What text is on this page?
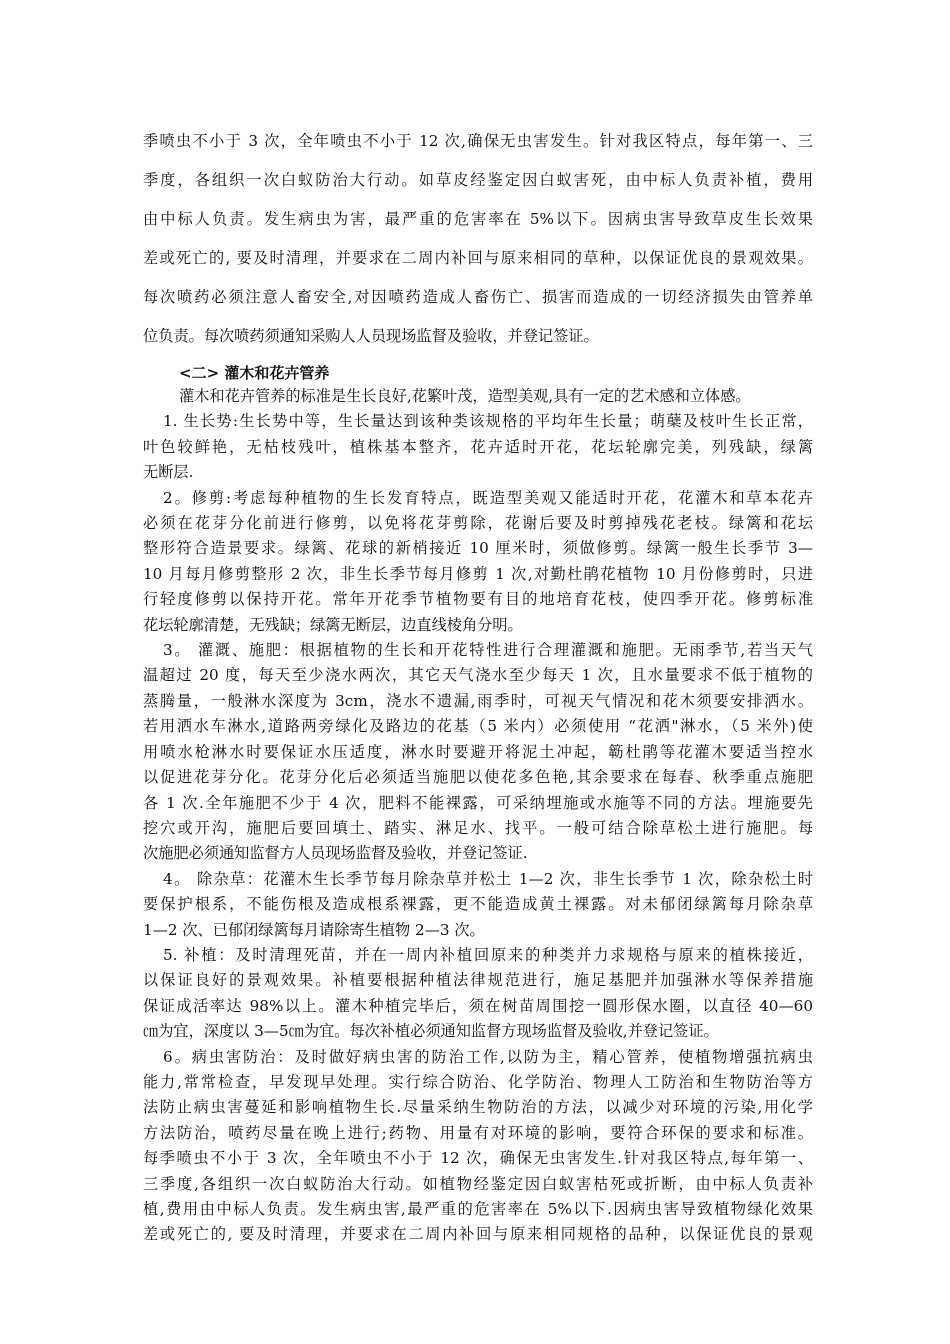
季喷虫不小于 3 次，全年喷虫不小于 12 次,确保无虫害发生。针对我区特点，每年第一、三

季度，各组织一次白蚁防治大行动。如草皮经鉴定因白蚁害死，由中标人负责补植，费用

由中标人负责。发生病虫为害，最严重的危害率在 5%以下。因病虫害导致草皮生长效果

差或死亡的, 要及时清理，并要求在二周内补回与原来相同的草种，以保证优良的景观效果。

每次喷药必须注意人畜安全,对因喷药造成人畜伤亡、损害而造成的一切经济损失由管养单

位负责。每次喷药须通知采购人人员现场监督及验收，并登记签证。

<二> 灌木和花卉管养

灌木和花卉管养的标准是生长良好,花繁叶茂，造型美观,具有一定的艺术感和立体感。

1. 生长势:生长势中等，生长量达到该种类该规格的平均年生长量；萌蘖及枝叶生长正常，

叶色较鲜艳，无枯枝残叶，植株基本整齐，花卉适时开花，花坛轮廓完美，列残缺，绿篱

无断层.

2。修剪:考虑每种植物的生长发育特点，既造型美观又能适时开花，花灌木和草本花卉

必须在花芽分化前进行修剪，以免将花芽剪除，花谢后要及时剪掉残花老枝。绿篱和花坛

整形符合造景要求。绿篱、花球的新梢接近 10 厘米时，须做修剪。绿篱一般生长季节 3—

10 月每月修剪整形 2 次，非生长季节每月修剪 1 次,对勤杜鹃花植物 10 月份修剪时，只进

行轻度修剪以保持开花。常年开花季节植物要有目的地培育花枝，使四季开花。修剪标准

花坛轮廓清楚，无残缺；绿篱无断层，边直线棱角分明。

3。 灌溉、施肥：根据植物的生长和开花特性进行合理灌溉和施肥。无雨季节,若当天气

温超过 20 度，每天至少浇水两次，其它天气浇水至少每天 1 次，且水量要求不低于植物的

蒸腾量，一般淋水深度为 3cm，浇水不遗漏,雨季时，可视天气情况和花木须要安排洒水。

若用洒水车淋水,道路两旁绿化及路边的花基（5 米内）必须使用 “花洒"淋水，（5 米外)使

用喷水枪淋水时要保证水压适度，淋水时要避开将泥土冲起，簕杜鹃等花灌木要适当控水

以促进花芽分化。花芽分化后必须适当施肥以使花多色艳,其余要求在每春、秋季重点施肥

各 1 次.全年施肥不少于 4 次，肥料不能裸露，可采纳埋施或水施等不同的方法。埋施要先

挖穴或开沟，施肥后要回填土、踏实、淋足水、找平。一般可结合除草松土进行施肥。每

次施肥必须通知监督方人员现场监督及验收，并登记签证.

4。 除杂草：花灌木生长季节每月除杂草并松土 1—2 次，非生长季节 1 次，除杂松土时

要保护根系，不能伤根及造成根系裸露，更不能造成黄土裸露。对未郁闭绿篱每月除杂草

1—2 次、已郁闭绿篱每月请除寄生植物 2—3 次。

5. 补植：及时清理死苗，并在一周内补植回原来的种类并力求规格与原来的植株接近，

以保证良好的景观效果。补植要根据种植法律规范进行，施足基肥并加强淋水等保养措施

保证成活率达 98%以上。灌木种植完毕后，须在树苗周围挖一圆形保水圈，以直径 40—60

㎝为宜，深度以 3—5㎝为宜。每次补植必须通知监督方现场监督及验收,并登记签证。

6。病虫害防治：及时做好病虫害的防治工作,以防为主，精心管养，使植物增强抗病虫

能力,常常检查，早发现早处理。实行综合防治、化学防治、物理人工防治和生物防治等方

法防止病虫害蔓延和影响植物生长.尽量采纳生物防治的方法，以减少对环境的污染,用化学

方法防治，喷药尽量在晚上进行;药物、用量有对环境的影响，要符合环保的要求和标准。

每季喷虫不小于 3 次，全年喷虫不小于 12 次，确保无虫害发生.针对我区特点,每年第一、

三季度,各组织一次白蚁防治大行动。如植物经鉴定因白蚁害枯死或折断，由中标人负责补

植,费用由中标人负责。发生病虫害,最严重的危害率在 5%以下.因病虫害导致植物绿化效果

差或死亡的, 要及时清理，并要求在二周内补回与原来相同规格的品种，以保证优良的景观
